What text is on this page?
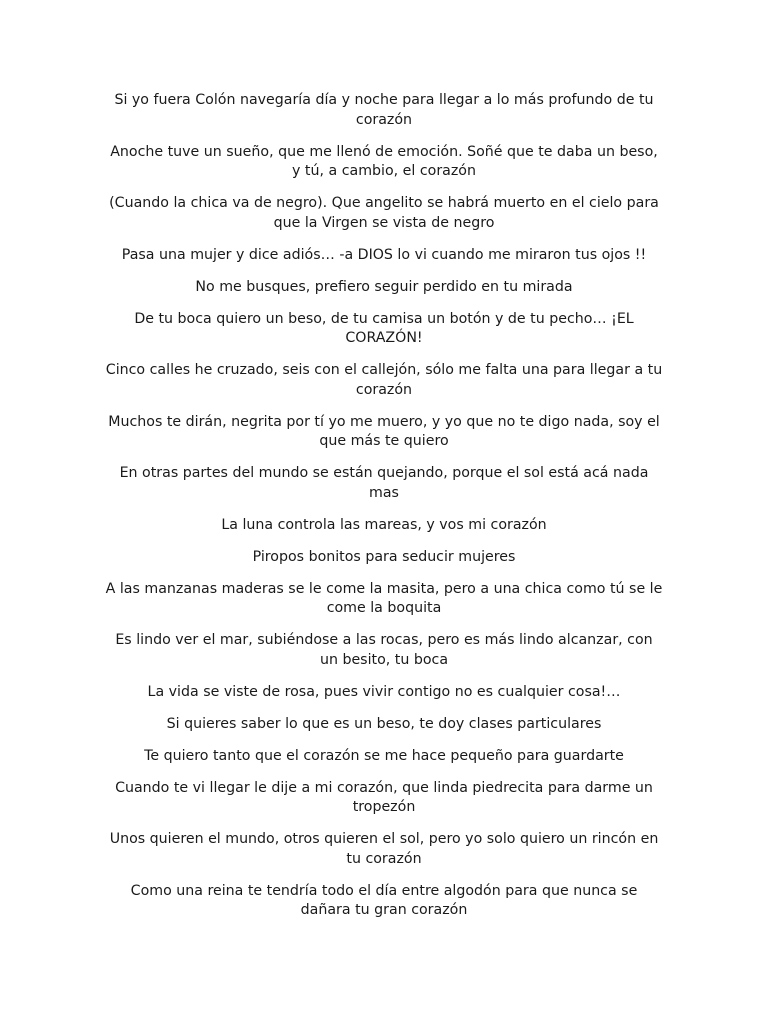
Si yo fuera Colón navegaría día y noche para llegar a lo más profundo de tu corazón

Anoche tuve un sueño, que me llenó de emoción. Soñé que te daba un beso, y tú, a cambio, el corazón

(Cuando la chica va de negro). Que angelito se habrá muerto en el cielo para que la Virgen se vista de negro

Pasa una mujer y dice adiós… -a DIOS lo vi cuando me miraron tus ojos !!

No me busques, prefiero seguir perdido en tu mirada

De tu boca quiero un beso, de tu camisa un botón y de tu pecho… ¡EL CORAZÓN!

Cinco calles he cruzado, seis con el callejón, sólo me falta una para llegar a tu corazón

Muchos te dirán, negrita por tí yo me muero, y yo que no te digo nada, soy el que más te quiero

En otras partes del mundo se están quejando, porque el sol está acá nada mas

La luna controla las mareas, y vos mi corazón

Piropos bonitos para seducir mujeres

A las manzanas maderas se le come la masita, pero a una chica como tú se le come la boquita

Es lindo ver el mar, subiéndose a las rocas, pero es más lindo alcanzar, con un besito, tu boca

La vida se viste de rosa, pues vivir contigo no es cualquier cosa!…

Si quieres saber lo que es un beso, te doy clases particulares

Te quiero tanto que el corazón se me hace pequeño para guardarte

Cuando te vi llegar le dije a mi corazón, que linda piedrecita para darme un tropezón

Unos quieren el mundo, otros quieren el sol, pero yo solo quiero un rincón en tu corazón

Como una reina te tendría todo el día entre algodón para que nunca se dañara tu gran corazón
